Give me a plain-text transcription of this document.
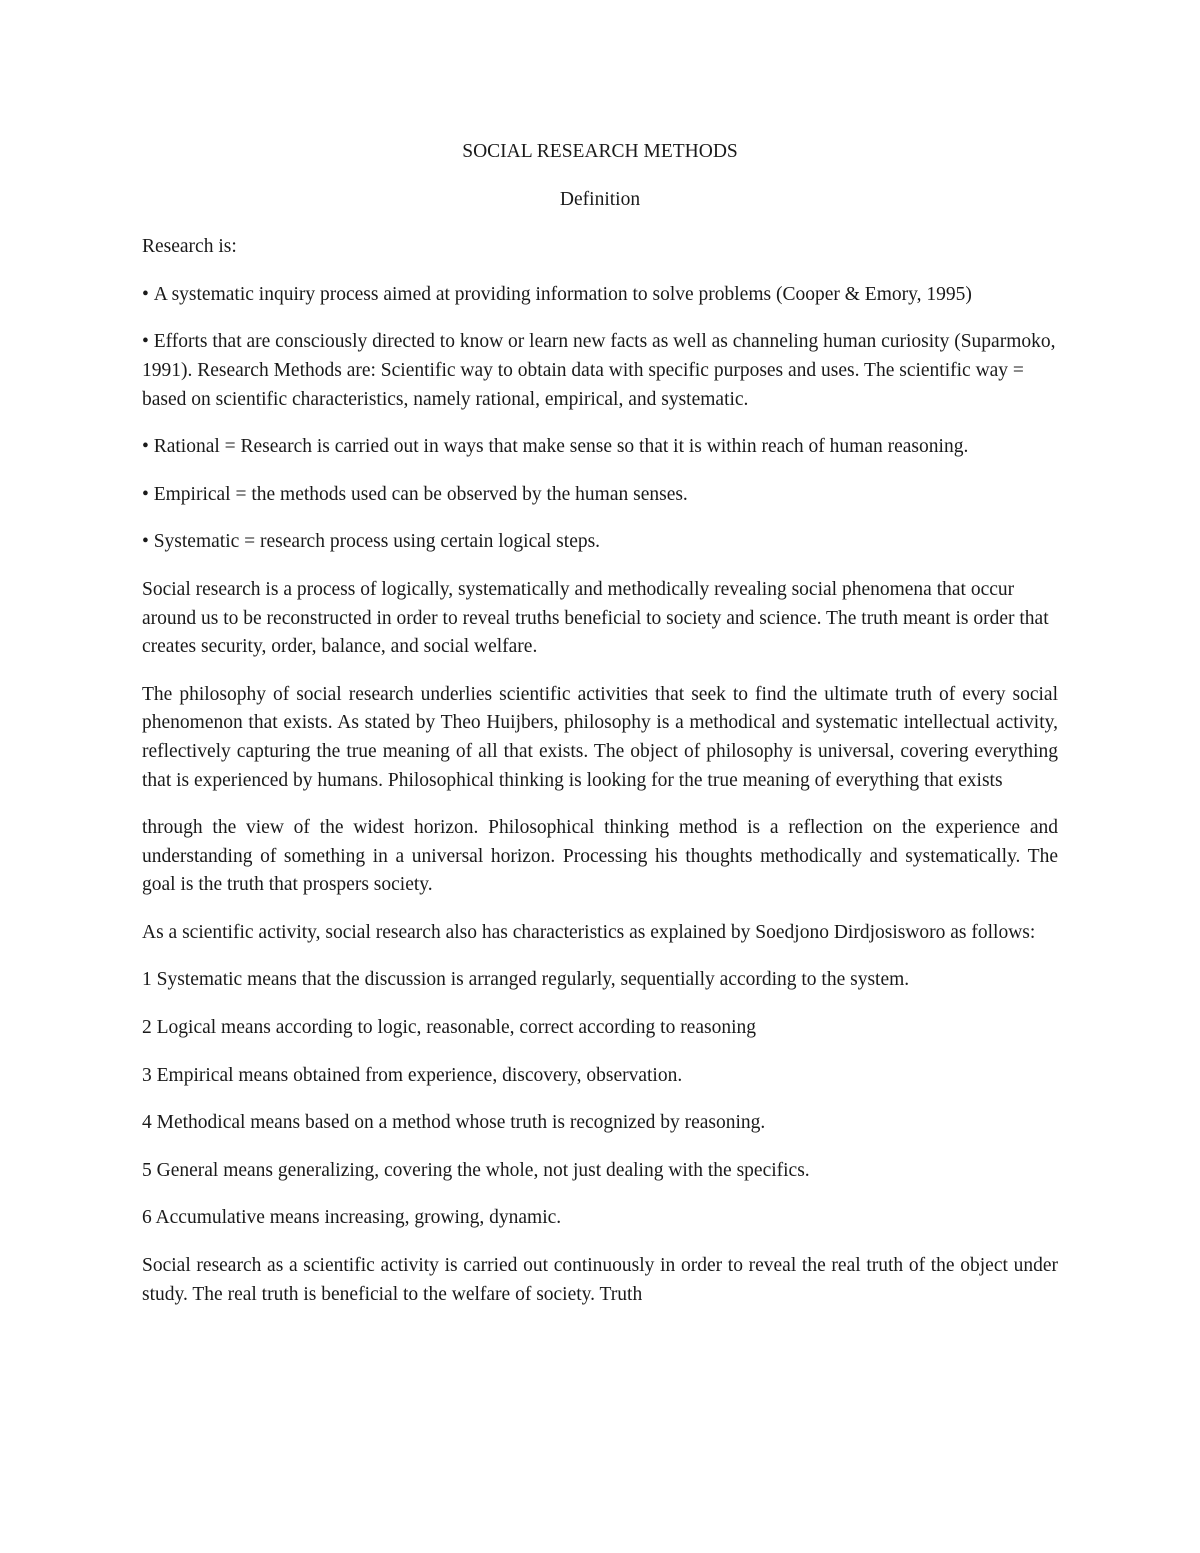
SOCIAL RESEARCH METHODS

Definition

Research is:

• A systematic inquiry process aimed at providing information to solve problems (Cooper & Emory, 1995)

• Efforts that are consciously directed to know or learn new facts as well as channeling human curiosity (Suparmoko, 1991). Research Methods are: Scientific way to obtain data with specific purposes and uses. The scientific way = based on scientific characteristics, namely rational, empirical, and systematic.

• Rational = Research is carried out in ways that make sense so that it is within reach of human reasoning.

• Empirical = the methods used can be observed by the human senses.

• Systematic = research process using certain logical steps.

Social research is a process of logically, systematically and methodically revealing social phenomena that occur around us to be reconstructed in order to reveal truths beneficial to society and science. The truth meant is order that creates security, order, balance, and social welfare.

The philosophy of social research underlies scientific activities that seek to find the ultimate truth of every social phenomenon that exists. As stated by Theo Huijbers, philosophy is a methodical and systematic intellectual activity, reflectively capturing the true meaning of all that exists. The object of philosophy is universal, covering everything that is experienced by humans. Philosophical thinking is looking for the true meaning of everything that exists

through the view of the widest horizon. Philosophical thinking method is a reflection on the experience and understanding of something in a universal horizon. Processing his thoughts methodically and systematically. The goal is the truth that prospers society.

As a scientific activity, social research also has characteristics as explained by Soedjono Dirdjosisworo as follows:

1 Systematic means that the discussion is arranged regularly, sequentially according to the system.

2 Logical means according to logic, reasonable, correct according to reasoning

3 Empirical means obtained from experience, discovery, observation.

4 Methodical means based on a method whose truth is recognized by reasoning.

5 General means generalizing, covering the whole, not just dealing with the specifics.

6 Accumulative means increasing, growing, dynamic.

Social research as a scientific activity is carried out continuously in order to reveal the real truth of the object under study. The real truth is beneficial to the welfare of society. Truth
